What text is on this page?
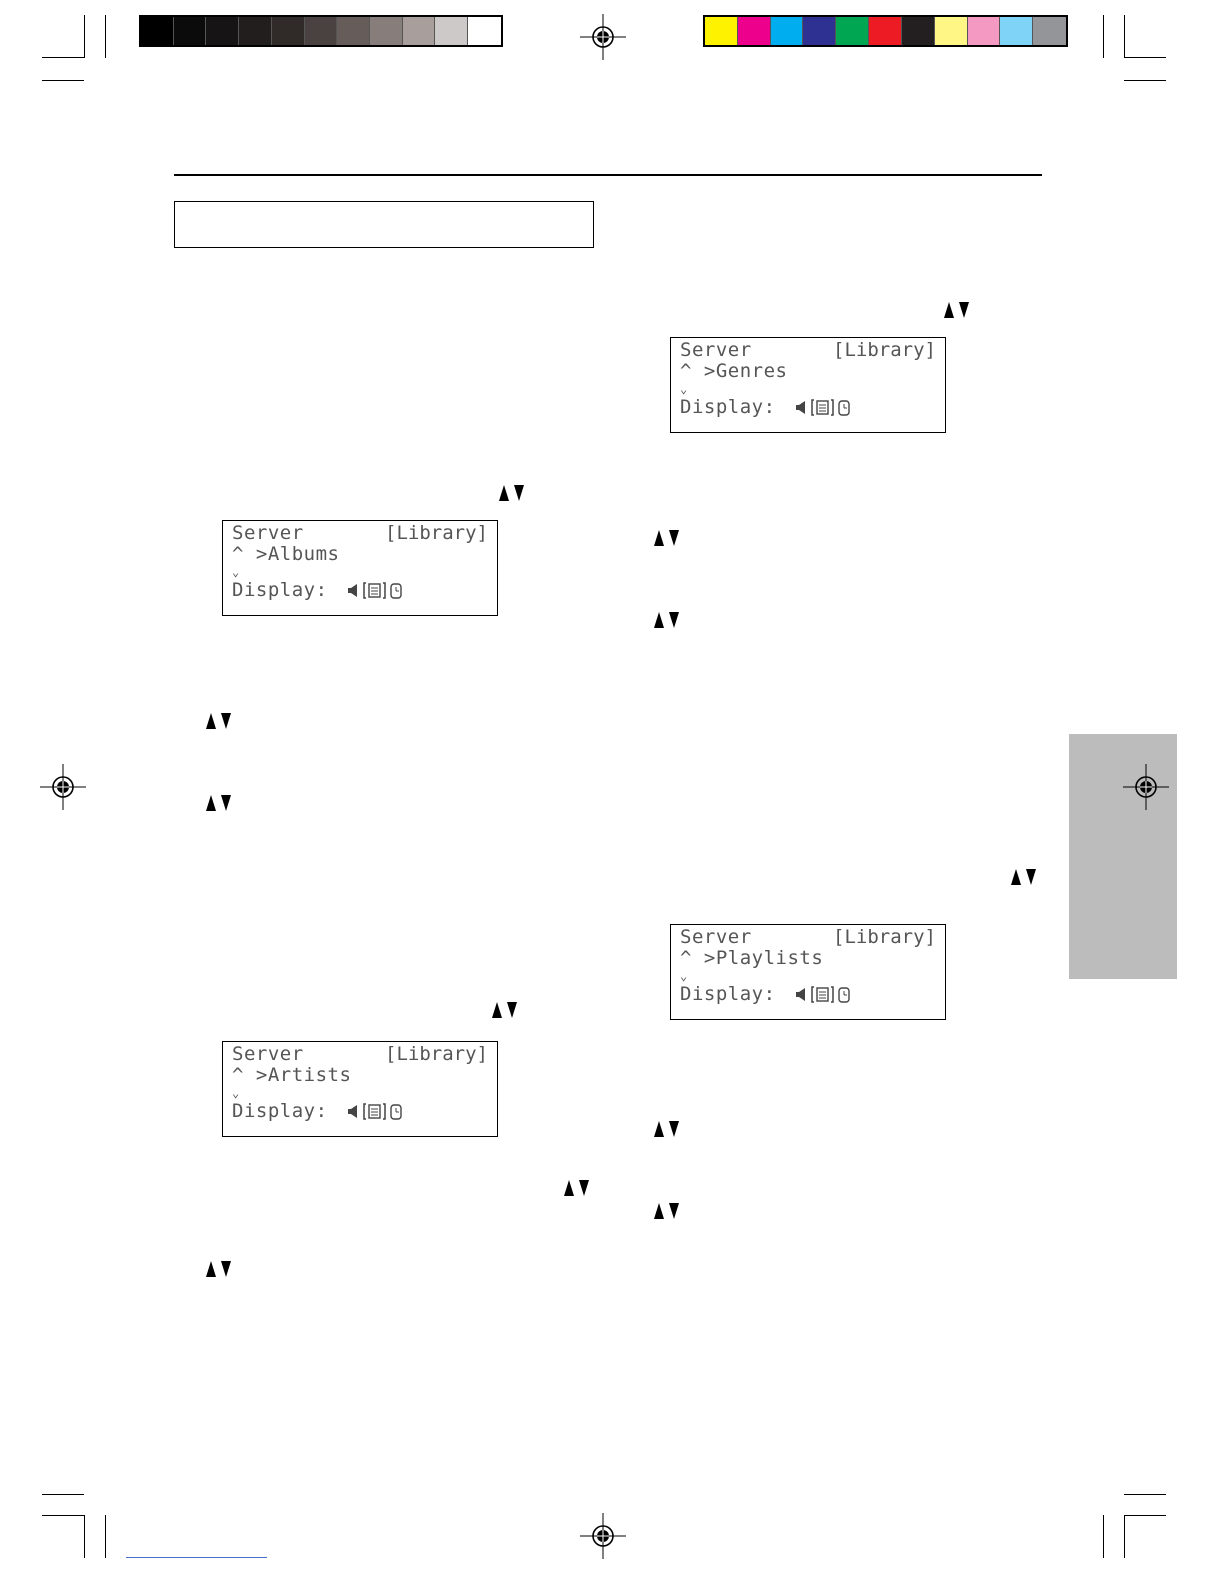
Server	[Library]
^ >Albums
⌄
Display:
Server	[Library]
^ >Artists
⌄
Display:
Server	[Library]
^ >Genres
⌄
Display:
Server	[Library]
^ >Playlists
⌄
Display:
